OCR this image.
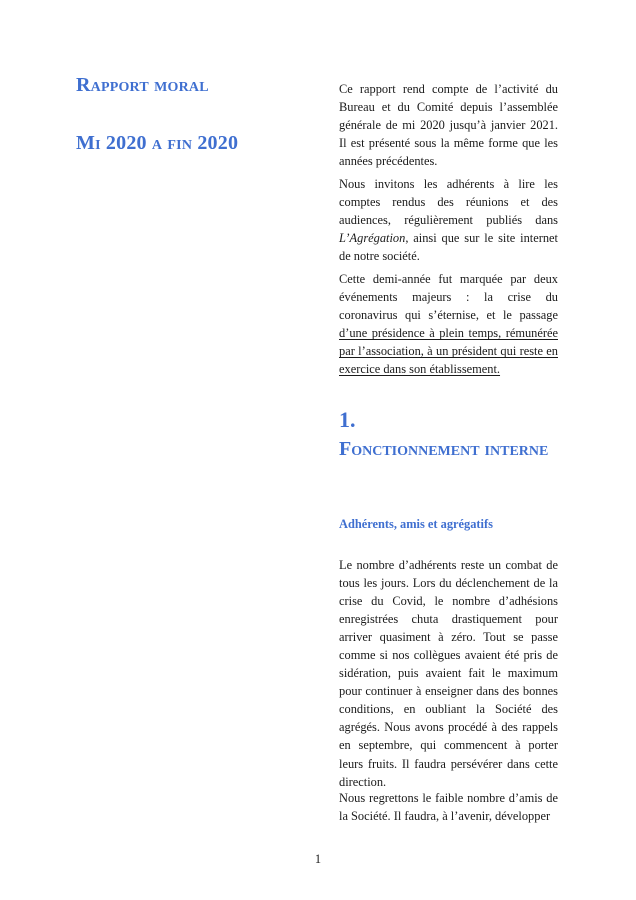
Rapport moral
Mi 2020 a fin 2020

Ce rapport rend compte de l’activité du Bureau et du Comité depuis l’assemblée générale de mi 2020 jusqu’à janvier 2021. Il est présenté sous la même forme que les années précédentes.

Nous invitons les adhérents à lire les comptes rendus des réunions et des audiences, régulièrement publiés dans L’Agrégation, ainsi que sur le site internet de notre société.

Cette demi-année fut marquée par deux événements majeurs : la crise du coronavirus qui s’éternise, et le passage d’une présidence à plein temps, rémunérée par l’association, à un président qui reste en exercice dans son établissement.

1.
Fonctionnement interne
Adhérents, amis et agrégatifs

Le nombre d’adhérents reste un combat de tous les jours. Lors du déclenchement de la crise du Covid, le nombre d’adhésions enregistrées chuta drastiquement pour arriver quasiment à zéro. Tout se passe comme si nos collègues avaient été pris de sidération, puis avaient fait le maximum pour continuer à enseigner dans des bonnes conditions, en oubliant la Société des agrégés. Nous avons procédé à des rappels en septembre, qui commencent à porter leurs fruits. Il faudra persévérer dans cette direction.

Nous regrettons le faible nombre d’amis de la Société. Il faudra, à l’avenir, développer

1
